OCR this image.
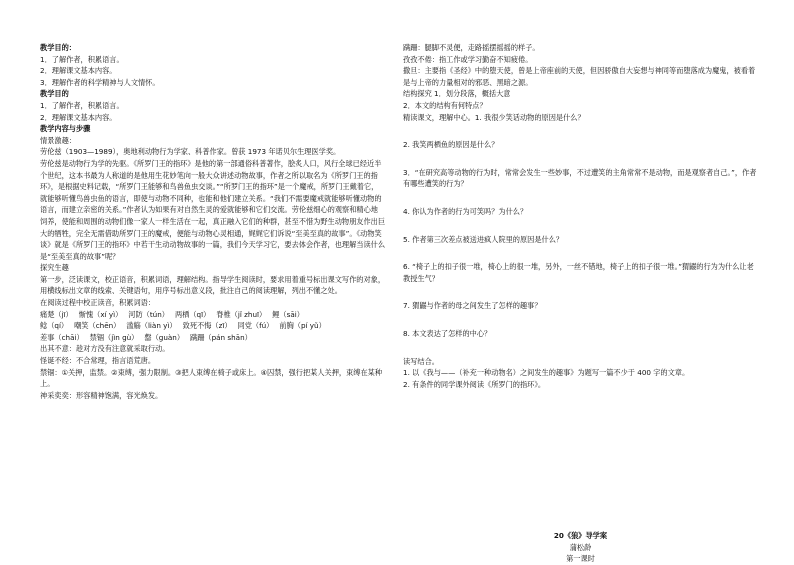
教学目的：
1．了解作者，积累语言。
2．理解课文基本内容。
3．理解作者的科学精神与人文情怀。
教学目的
1．了解作者，积累语言。
2．理解课文基本内容。
教学内容与步骤
情景激趣：
劳伦兹（1903—1989），奥地利动物行为学家、科普作家。曾获 1973 年诺贝尔生理医学奖。
劳伦兹是动物行为学的先驱。《所罗门王的指环》是他的第一部通俗科普著作，脍炙人口，风行全球已经近半个世纪，这本书最为人称道的是他用生花妙笔向一般大众讲述动物故事，作者之所以取名为《所罗门王的指环》，是根据史料记载，“所罗门王能够和鸟兽鱼虫交谈。”“所罗门王的指环”是一个魔戒，所罗门王戴着它，就能够听懂鸟兽虫鱼的语言，即使与动物不同种，也能和他们建立关系。“我们不需要魔戒就能够听懂动物的语言，而建立亲密的关系。”作者认为如果有对自然生灵的爱就能够和它们交流。劳伦兹细心的观察和精心地饲养，使能和周围的动物们像一家人一样生活在一起，真正融入它们的种群，甚至不惜为野生动物朋友作出巨大的牺牲，完全无需借助所罗门王的魔戒，便能与动物心灵相通，娓娓它们诉说“至美至真的故事”。《动物笑谈》就是《所罗门王的指环》中若干生动动物故事的一篇，我们今天学习它，要去体会作者，也理解当读什么是“至美至真的故事”呢？
探究生趣
第一步，泛读课文，校正语音，积累词语，理解结构。指导学生阅读时，要求用着重号标出课文写作的对象，用横线标出文章的线索、关键语句，用序号标出意义段，批注自己的阅读理解，列出不懂之处。
在阅读过程中校正读音，积累词语：
痛楚（jī） 惭愧（xí yì） 河防（tún） 两栖（qī） 脊椎（jǐ zhuī） 鲤（sāi）
鲶（qí） 嘲笑（chēn） 滥觞（liàn yì） 致死不悔（zī） 同党（fú） 前胸（pí yǔ）
差事（chāi） 禁锢（jìn gù） 罄（guàn） 蹒跚（pán shān）
出其不意：趁对方没有注意就采取行动。
怪诞不经：不合常理，指言语荒唐。
禁锢：①关押，监禁。②束缚，强力限制。③把人束缚在椅子或床上。④囚禁，强行把某人关押，束缚在某种上。
神采奕奕：形容精神饱满，容光焕发。
蹒跚：腿脚不灵便，走路摇摆摇摇的样子。
孜孜不倦：指工作或学习勤奋不知疲倦。
撒旦：主要指《圣经》中的堕天使，曾是上帝座前的天使，但因骄傲自大妄想与神同等而堕落成为魔鬼，被看着是与上帝的力量相对的邪恶、黑暗之源。
结构探究 1．划分段落，概括大意
2．本文的结构有何特点？
精读课文，理解中心。1. 我很少笑话动物的原因是什么？
2. 我笑两栖鱼的原因是什么？
3．“在研究高等动物的行为时，常常会发生一些妙事，不过遭笑的主角常常不是动物，而是观察者自己。”，作者有哪些遭笑的行为？
4. 你认为作者的行为可笑吗？为什么？
5. 作者第三次差点被送进疯人院里的原因是什么？
6. “椅子上的扣子很一堆，椅心上的很一堆，另外，一丝不错地，椅子上的扣子很一堆。”猬鼹的行为为什么让老教授生气？
7. 猬鼹与作者的母之间发生了怎样的趣事？
8. 本文表达了怎样的中心？
读写结合。
1. 以《我与——（补充一种动物名）之间发生的趣事》为题写一篇不少于 400 字的文章。
2. 有条件的同学课外阅读《所罗门的指环》。
20《狼》导学案
蒲松龄
第一课时
